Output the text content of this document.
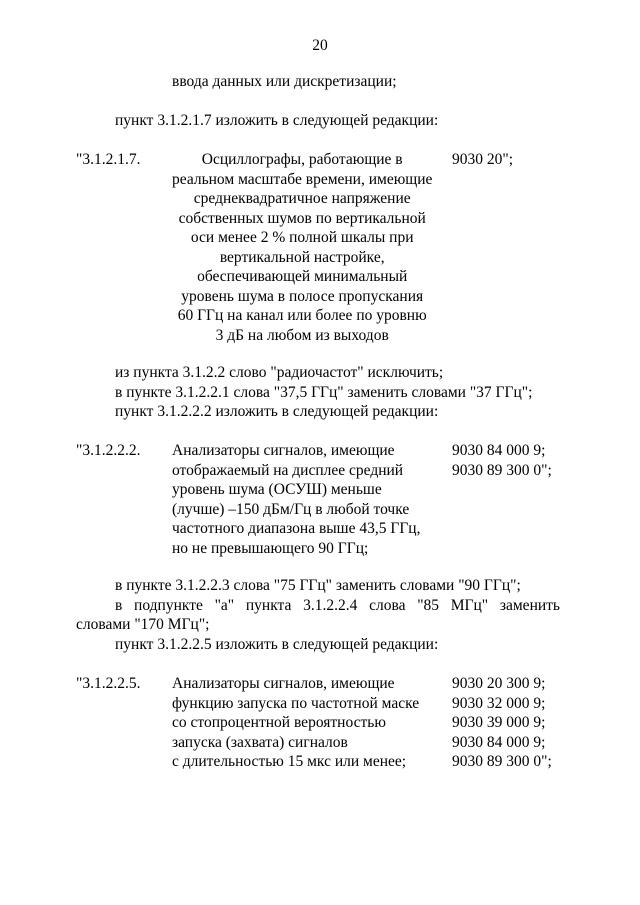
20
ввода данных или дискретизации;
пункт 3.1.2.1.7 изложить в следующей редакции:
"3.1.2.1.7.	Осциллографы, работающие в
реальном масштабе времени, имеющие
среднеквадратичное напряжение
собственных шумов по вертикальной
оси менее 2 % полной шкалы при
вертикальной настройке,
обеспечивающей минимальный
уровень шума в полосе пропускания
60 ГГц на канал или более по уровню
3 дБ на любом из выходов
9030 20";
из пункта 3.1.2.2 слово "радиочастот" исключить;
в пункте 3.1.2.2.1 слова "37,5 ГГц" заменить словами "37 ГГц";
пункт 3.1.2.2.2 изложить в следующей редакции:
"3.1.2.2.2. Анализаторы сигналов, имеющие
отображаемый на дисплее средний
уровень шума (ОСУШ) меньше
(лучше) –150 дБм/Гц в любой точке
частотного диапазона выше 43,5 ГГц,
но не превышающего 90 ГГц;
9030 84 000 9;
9030 89 300 0";
в пункте 3.1.2.2.3 слова "75 ГГц" заменить словами "90 ГГц";
в подпункте "а" пункта 3.1.2.2.4 слова "85 МГц" заменить
словами "170 МГц";
пункт 3.1.2.2.5 изложить в следующей редакции:
"3.1.2.2.5. Анализаторы сигналов, имеющие
функцию запуска по частотной маске
со стопроцентной вероятностью
запуска (захвата) сигналов
с длительностью 15 мкс или менее;
9030 20 300 9;
9030 32 000 9;
9030 39 000 9;
9030 84 000 9;
9030 89 300 0";
